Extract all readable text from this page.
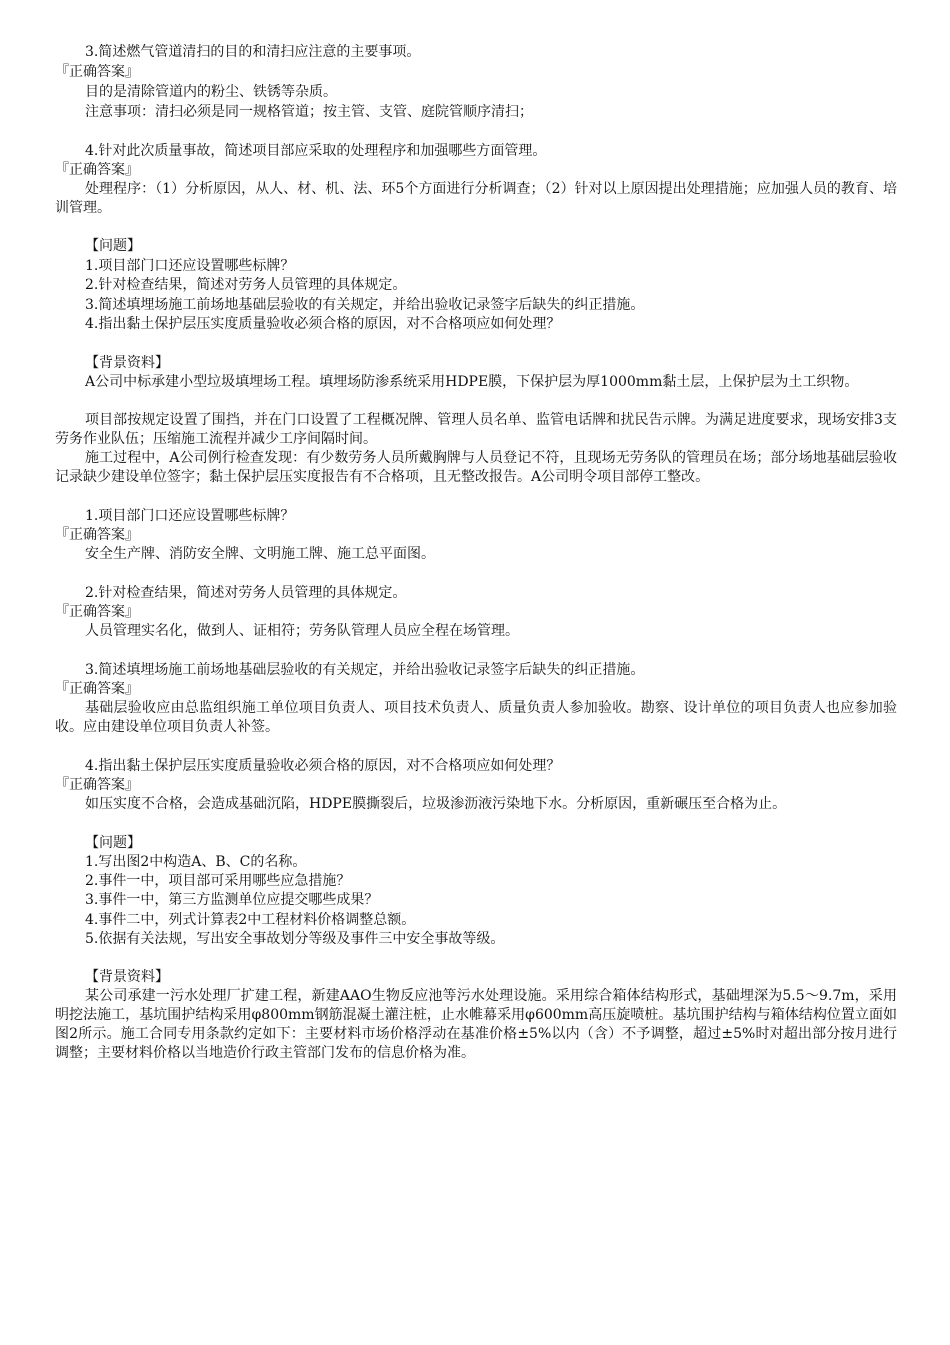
3.简述燃气管道清扫的目的和清扫应注意的主要事项。
『正确答案』
目的是清除管道内的粉尘、铁锈等杂质。
注意事项：清扫必须是同一规格管道；按主管、支管、庭院管顺序清扫；
4.针对此次质量事故，简述项目部应采取的处理程序和加强哪些方面管理。
『正确答案』
处理程序：（1）分析原因，从人、材、机、法、环5个方面进行分析调查；（2）针对以上原因提出处理措施；应加强人员的教育、培训管理。
【问题】
1.项目部门口还应设置哪些标牌？
2.针对检查结果，简述对劳务人员管理的具体规定。
3.简述填埋场施工前场地基础层验收的有关规定，并给出验收记录签字后缺失的纠正措施。
4.指出黏土保护层压实度质量验收必须合格的原因，对不合格项应如何处理？
【背景资料】
A公司中标承建小型垃圾填埋场工程。填埋场防渗系统采用HDPE膜，下保护层为厚1000mm黏土层，上保护层为土工织物。
项目部按规定设置了围挡，并在门口设置了工程概况牌、管理人员名单、监管电话牌和扰民告示牌。为满足进度要求，现场安排3支劳务作业队伍；压缩施工流程并减少工序间隔时间。
施工过程中，A公司例行检查发现：有少数劳务人员所戴胸牌与人员登记不符，且现场无劳务队的管理员在场；部分场地基础层验收记录缺少建设单位签字；黏土保护层压实度报告有不合格项，且无整改报告。A公司明令项目部停工整改。
1.项目部门口还应设置哪些标牌？
『正确答案』
安全生产牌、消防安全牌、文明施工牌、施工总平面图。
2.针对检查结果，简述对劳务人员管理的具体规定。
『正确答案』
人员管理实名化，做到人、证相符；劳务队管理人员应全程在场管理。
3.简述填埋场施工前场地基础层验收的有关规定，并给出验收记录签字后缺失的纠正措施。
『正确答案』
基础层验收应由总监组织施工单位项目负责人、项目技术负责人、质量负责人参加验收。勘察、设计单位的项目负责人也应参加验收。应由建设单位项目负责人补签。
4.指出黏土保护层压实度质量验收必须合格的原因，对不合格项应如何处理？
『正确答案』
如压实度不合格，会造成基础沉陷，HDPE膜撕裂后，垃圾渗沥液污染地下水。分析原因，重新碾压至合格为止。
【问题】
1.写出图2中构造A、B、C的名称。
2.事件一中，项目部可采用哪些应急措施？
3.事件一中，第三方监测单位应提交哪些成果？
4.事件二中，列式计算表2中工程材料价格调整总额。
5.依据有关法规，写出安全事故划分等级及事件三中安全事故等级。
【背景资料】
某公司承建一污水处理厂扩建工程，新建AAO生物反应池等污水处理设施。采用综合箱体结构形式，基础埋深为5.5～9.7m，采用明挖法施工，基坑围护结构采用φ800mm钢筋混凝土灌注桩，止水帷幕采用φ600mm高压旋喷桩。基坑围护结构与箱体结构位置立面如图2所示。施工合同专用条款约定如下：主要材料市场价格浮动在基准价格±5%以内（含）不予调整，超过±5%时对超出部分按月进行调整；主要材料价格以当地造价行政主管部门发布的信息价格为准。
